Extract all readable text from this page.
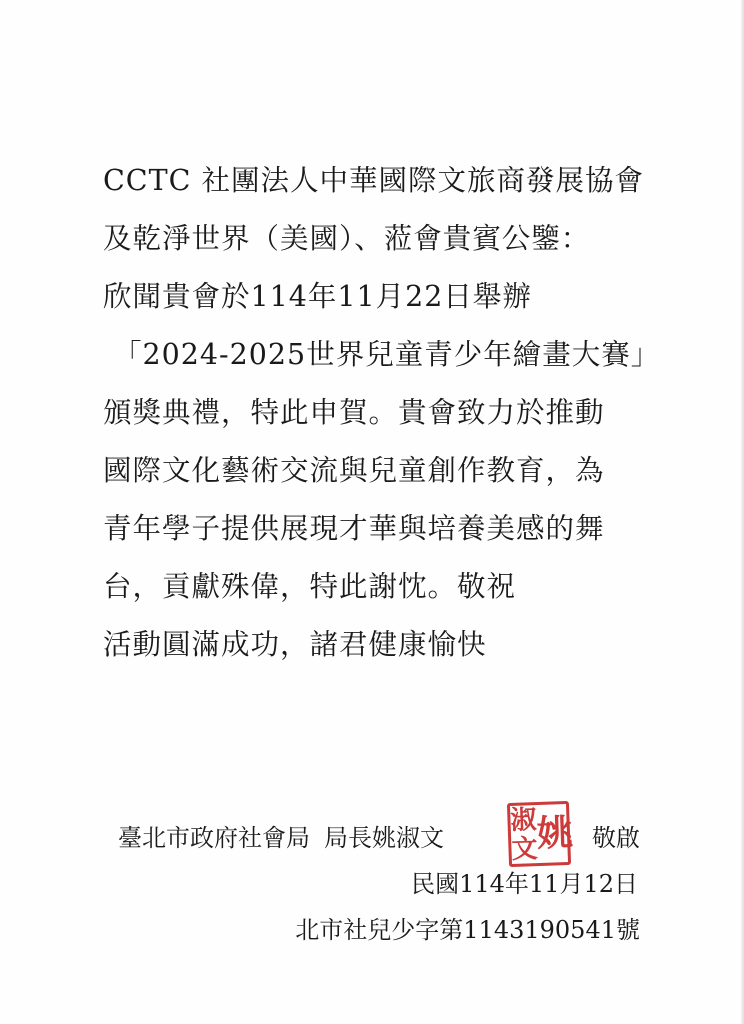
CCTC 社團法人中華國際文旅商發展協會
及乾淨世界（美國）、蒞會貴賓公鑒：
欣聞貴會於114年11月22日舉辦
「2024-2025世界兒童青少年繪畫大賽」
頒獎典禮，特此申賀。貴會致力於推動
國際文化藝術交流與兒童創作教育，為
青年學子提供展現才華與培養美感的舞
台，貢獻殊偉，特此謝忱。敬祝
活動圓滿成功，諸君健康愉快
臺北市政府社會局 局長姚淑文
淑 姚
文 敬啟
民國114年11月12日
北市社兒少字第1143190541號
